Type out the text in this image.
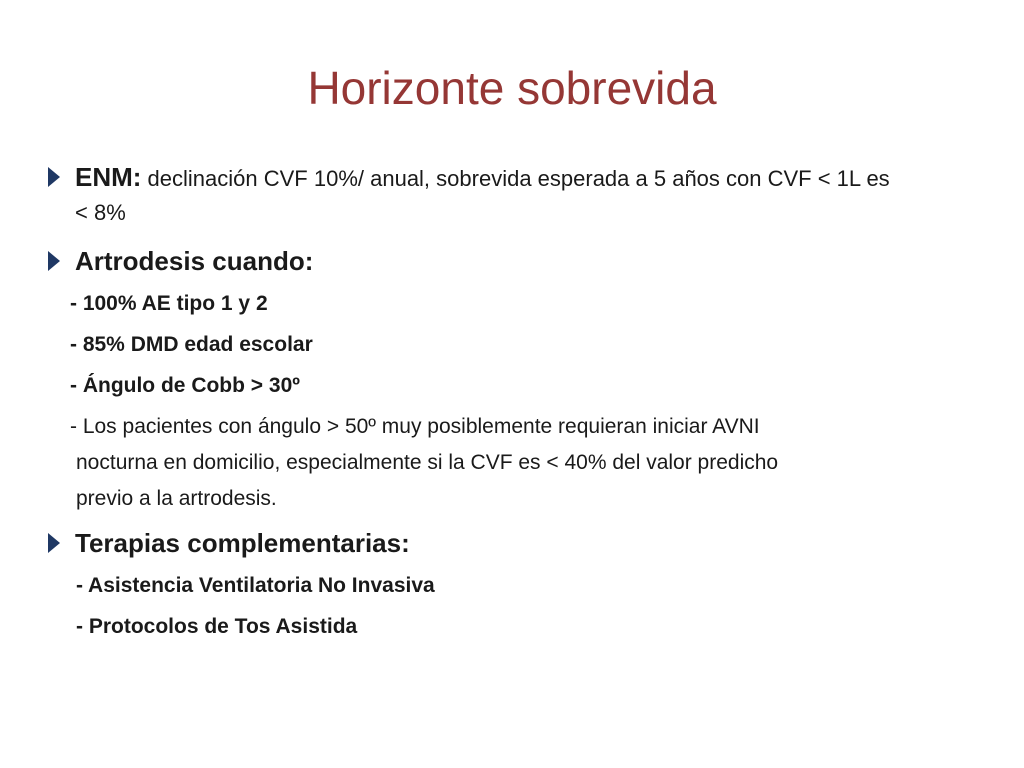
Horizonte sobrevida
ENM: declinación CVF 10%/ anual, sobrevida esperada a 5 años con CVF < 1L es
< 8%
Artrodesis cuando:
- 100% AE tipo 1 y 2
- 85% DMD edad escolar
- Ángulo de Cobb > 30º
- Los pacientes con ángulo > 50º muy posiblemente requieran iniciar AVNI
nocturna en domicilio, especialmente si la CVF es < 40% del valor predicho
previo a la artrodesis.
Terapias complementarias:
- Asistencia Ventilatoria No Invasiva
- Protocolos de Tos Asistida
